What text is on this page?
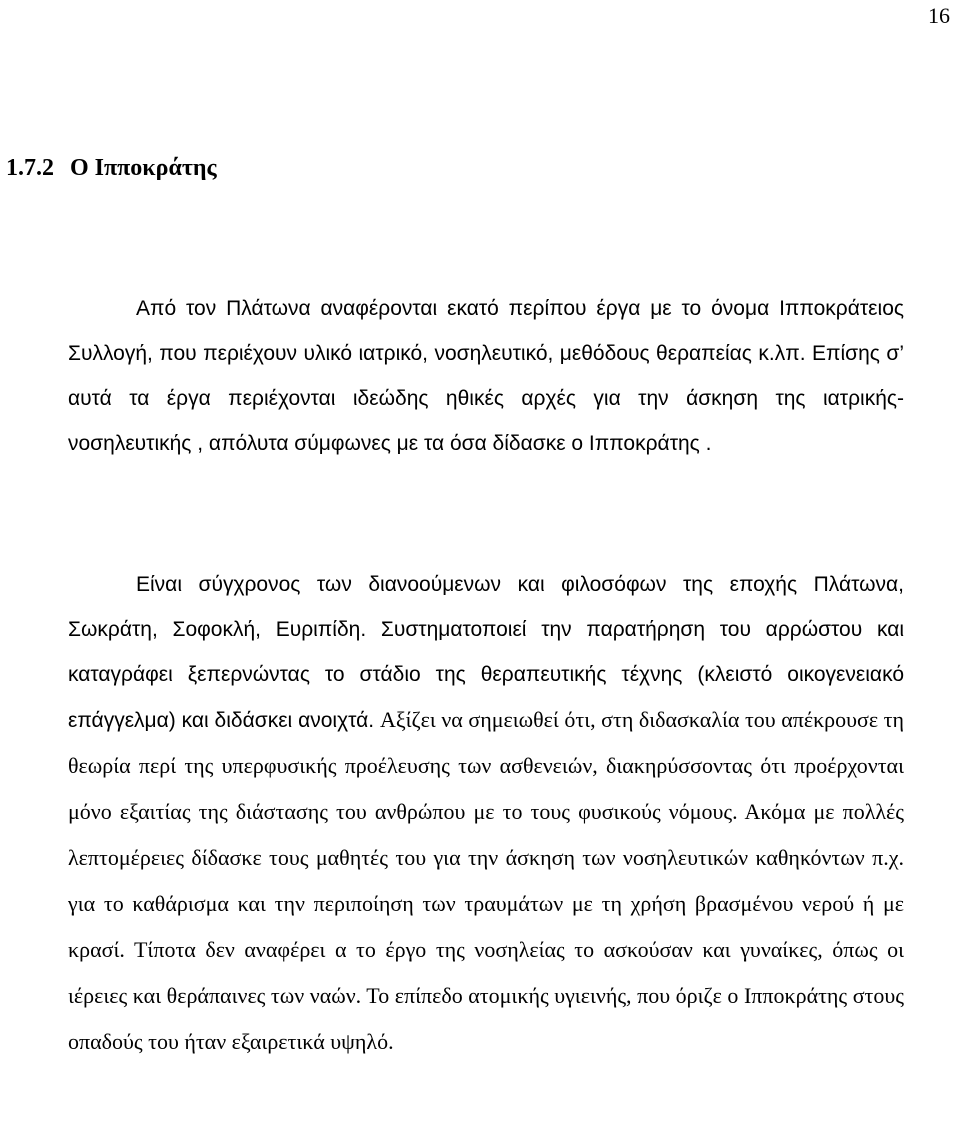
16
1.7.2 Ο Ιπποκράτης

Από τον Πλάτωνα αναφέρονται εκατό περίπου έργα με το όνομα Ιπποκράτειος Συλλογή, που περιέχουν υλικό ιατρικό, νοσηλευτικό, μεθόδους θεραπείας κ.λπ. Επίσης σ’ αυτά τα έργα περιέχονται ιδεώδης ηθικές αρχές για την άσκηση της ιατρικής- νοσηλευτικής , απόλυτα σύμφωνες με τα όσα δίδασκε ο Ιπποκράτης .

Είναι σύγχρονος των διανοούμενων και φιλοσόφων της εποχής Πλάτωνα, Σωκράτη, Σοφοκλή, Ευριπίδη. Συστηματοποιεί την παρατήρηση του αρρώστου και καταγράφει ξεπερνώντας το στάδιο της θεραπευτικής τέχνης (κλειστό οικογενειακό επάγγελμα) και διδάσκει ανοιχτά. Αξίζει να σημειωθεί ότι, στη διδασκαλία του απέκρουσε τη θεωρία περί της υπερφυσικής προέλευσης των ασθενειών, διακηρύσσοντας ότι προέρχονται μόνο εξαιτίας της διάστασης του ανθρώπου με το τους φυσικούς νόμους. Ακόμα με πολλές λεπτομέρειες δίδασκε τους μαθητές του για την άσκηση των νοσηλευτικών καθηκόντων π.χ. για το καθάρισμα και την περιποίηση των τραυμάτων με τη χρήση βρασμένου νερού ή με κρασί. Τίποτα δεν αναφέρει α το έργο της νοσηλείας το ασκούσαν και γυναίκες, όπως οι ιέρειες και θεράπαινες των ναών. Το επίπεδο ατομικής υγιεινής, που όριζε ο Ιπποκράτης στους οπαδούς του ήταν εξαιρετικά υψηλό.
